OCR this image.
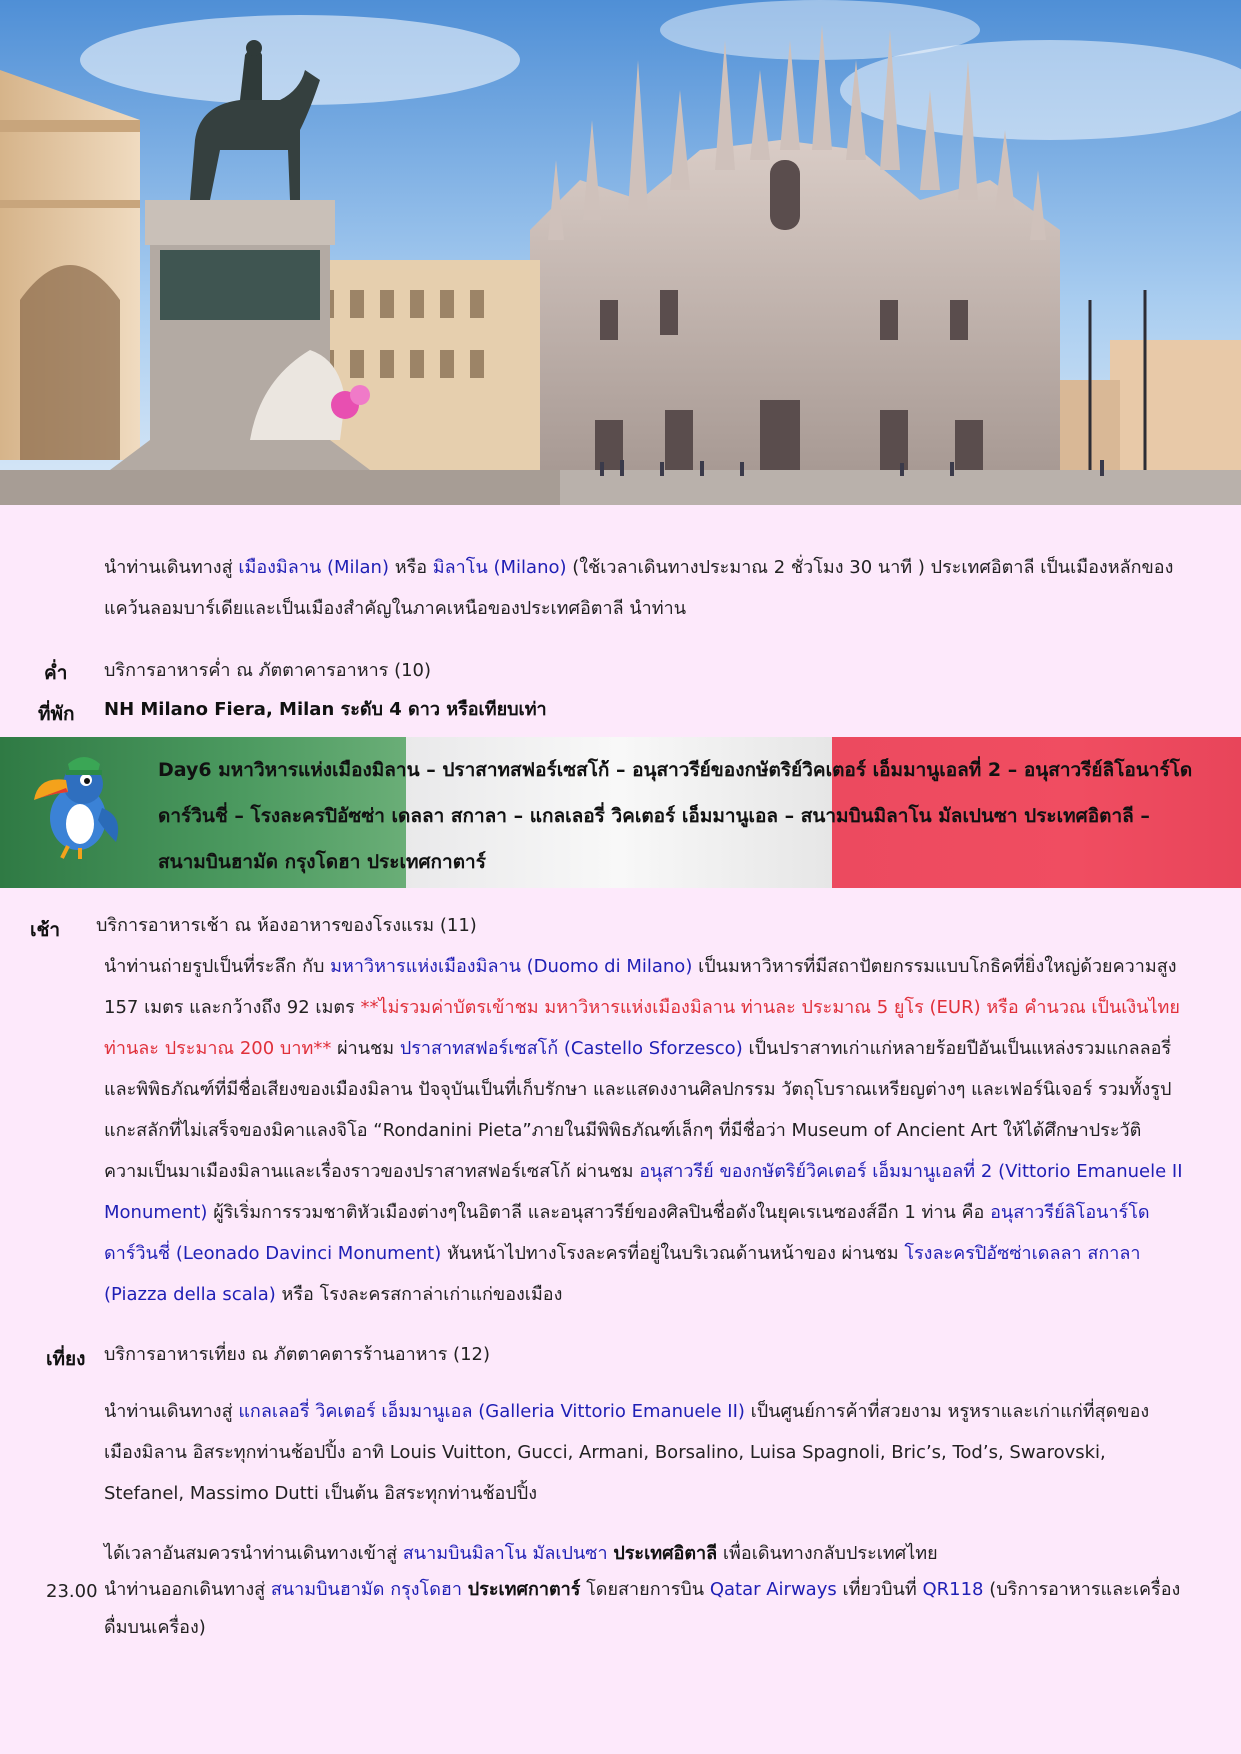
นำท่านเดินทางสู่ เมืองมิลาน (Milan) หรือ มิลาโน (Milano) (ใช้เวลาเดินทางประมาณ 2 ชั่วโมง 30 นาที ) ประเทศอิตาลี เป็นเมืองหลักของแคว้นลอมบาร์เดียและเป็นเมืองสำคัญในภาคเหนือของประเทศอิตาลี นำท่าน
ค่ำ บริการอาหารค่ำ ณ ภัตตาคารอาหาร (10)
ที่พัก NH Milano Fiera, Milan ระดับ 4 ดาว หรือเทียบเท่า
Day6 มหาวิหารแห่งเมืองมิลาน – ปราสาทสฟอร์เซสโก้ – อนุสาวรีย์ของกษัตริย์วิคเตอร์ เอ็มมานูเอลที่ 2 – อนุสาวรีย์ลิโอนาร์โด ดาร์วินชี่ – โรงละครปิอัซซ่า เดลลา สกาลา – แกลเลอรี่ วิคเตอร์ เอ็มมานูเอล – สนามบินมิลาโน มัลเปนซา ประเทศอิตาลี – สนามบินฮามัด กรุงโดฮา ประเทศกาตาร์
เช้า บริการอาหารเช้า ณ ห้องอาหารของโรงแรม (11)
นำท่านถ่ายรูปเป็นที่ระลึก กับ มหาวิหารแห่งเมืองมิลาน (Duomo di Milano) เป็นมหาวิหารที่มีสถาปัตยกรรมแบบโกธิคที่ยิ่งใหญ่ด้วยความสูง 157 เมตร และกว้างถึง 92 เมตร **ไม่รวมค่าบัตรเข้าชม มหาวิหารแห่งเมืองมิลาน ท่านละ ประมาณ 5 ยูโร (EUR) หรือ คำนวณ เป็นเงินไทย ท่านละ ประมาณ 200 บาท** ผ่านชม ปราสาทสฟอร์เซสโก้ (Castello Sforzesco) เป็นปราสาทเก่าแก่หลายร้อยปีอันเป็นแหล่งรวมแกลลอรี่และพิพิธภัณฑ์ที่มีชื่อเสียงของเมืองมิลาน ปัจจุบันเป็นที่เก็บรักษา และแสดงงานศิลปกรรม วัตถุโบราณเหรียญต่างๆ และเฟอร์นิเจอร์ รวมทั้งรูป แกะสลักที่ไม่เสร็จของมิคาแลงจิโอ “Rondanini Pieta”ภายในมีพิพิธภัณฑ์เล็กๆ ที่มีชื่อว่า Museum of Ancient Art ให้ได้ศึกษาประวัติความเป็นมาเมืองมิลานและเรื่องราวของปราสาทสฟอร์เซสโก้ ผ่านชม อนุสาวรีย์ ของกษัตริย์วิคเตอร์ เอ็มมานูเอลที่ 2 (Vittorio Emanuele II Monument) ผู้ริเริ่มการรวมชาติหัวเมืองต่างๆในอิตาลี และอนุสาวรีย์ของศิลปินชื่อดังในยุคเรเนซองส์อีก 1 ท่าน คือ อนุสาวรีย์ลิโอนาร์โด ดาร์วินชี่ (Leonado Davinci Monument) หันหน้าไปทางโรงละครที่อยู่ในบริเวณด้านหน้าของ ผ่านชม โรงละครปิอัซซ่าเดลลา สกาลา (Piazza della scala) หรือ โรงละครสกาล่าเก่าแก่ของเมือง
เที่ยง บริการอาหารเที่ยง ณ ภัตตาคตารร้านอาหาร (12)
นำท่านเดินทางสู่ แกลเลอรี่ วิคเตอร์ เอ็มมานูเอล (Galleria Vittorio Emanuele II) เป็นศูนย์การค้าที่สวยงาม หรูหราและเก่าแก่ที่สุดของเมืองมิลาน อิสระทุกท่านช้อปปิ้ง อาทิ Louis Vuitton, Gucci, Armani, Borsalino, Luisa Spagnoli, Bric’s, Tod’s, Swarovski, Stefanel, Massimo Dutti เป็นต้น อิสระทุกท่านช้อปปิ้ง
ได้เวลาอันสมควรนำท่านเดินทางเข้าสู่ สนามบินมิลาโน มัลเปนซา ประเทศอิตาลี เพื่อเดินทางกลับประเทศไทย
23.00 นำท่านออกเดินทางสู่ สนามบินฮามัด กรุงโดฮา ประเทศกาตาร์ โดยสายการบิน Qatar Airways เที่ยวบินที่ QR118 (บริการอาหารและเครื่องดื่มบนเครื่อง)
